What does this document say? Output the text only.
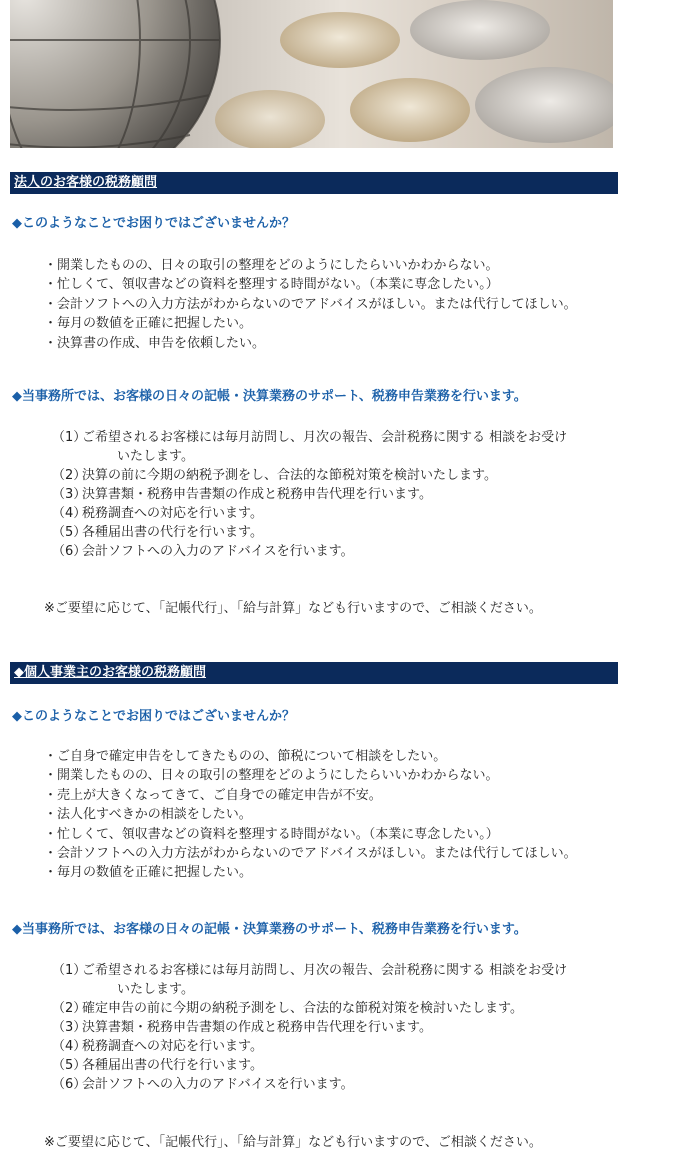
法人のお客様の税務顧問
◆このようなことでお困りではございませんか？
・開業したものの、日々の取引の整理をどのようにしたらいいかわからない。
・忙しくて、領収書などの資料を整理する時間がない。（本業に専念したい。）
・会計ソフトへの入力方法がわからないのでアドバイスがほしい。または代行してほしい。
・毎月の数値を正確に把握したい。
・決算書の作成、申告を依頼したい。
◆当事務所では、お客様の日々の記帳・決算業務のサポート、税務申告業務を行います。
（1）ご希望されるお客様には毎月訪問し、月次の報告、会計税務に関する 相談をお受け
いたします。
（2）決算の前に今期の納税予測をし、合法的な節税対策を検討いたします。
（3）決算書類・税務申告書類の作成と税務申告代理を行います。
（4）税務調査への対応を行います。
（5）各種届出書の代行を行います。
（6）会計ソフトへの入力のアドバイスを行います。
※ご要望に応じて、「記帳代行」、「給与計算」なども行いますので、ご相談ください。
◆個人事業主のお客様の税務顧問
◆このようなことでお困りではございませんか？
・ご自身で確定申告をしてきたものの、節税について相談をしたい。
・開業したものの、日々の取引の整理をどのようにしたらいいかわからない。
・売上が大きくなってきて、ご自身での確定申告が不安。
・法人化すべきかの相談をしたい。
・忙しくて、領収書などの資料を整理する時間がない。（本業に専念したい。）
・会計ソフトへの入力方法がわからないのでアドバイスがほしい。または代行してほしい。
・毎月の数値を正確に把握したい。
◆当事務所では、お客様の日々の記帳・決算業務のサポート、税務申告業務を行います。
（1）ご希望されるお客様には毎月訪問し、月次の報告、会計税務に関する 相談をお受け
いたします。
（2）確定申告の前に今期の納税予測をし、合法的な節税対策を検討いたします。
（3）決算書類・税務申告書類の作成と税務申告代理を行います。
（4）税務調査への対応を行います。
（5）各種届出書の代行を行います。
（6）会計ソフトへの入力のアドバイスを行います。
※ご要望に応じて、「記帳代行」、「給与計算」なども行いますので、ご相談ください。
